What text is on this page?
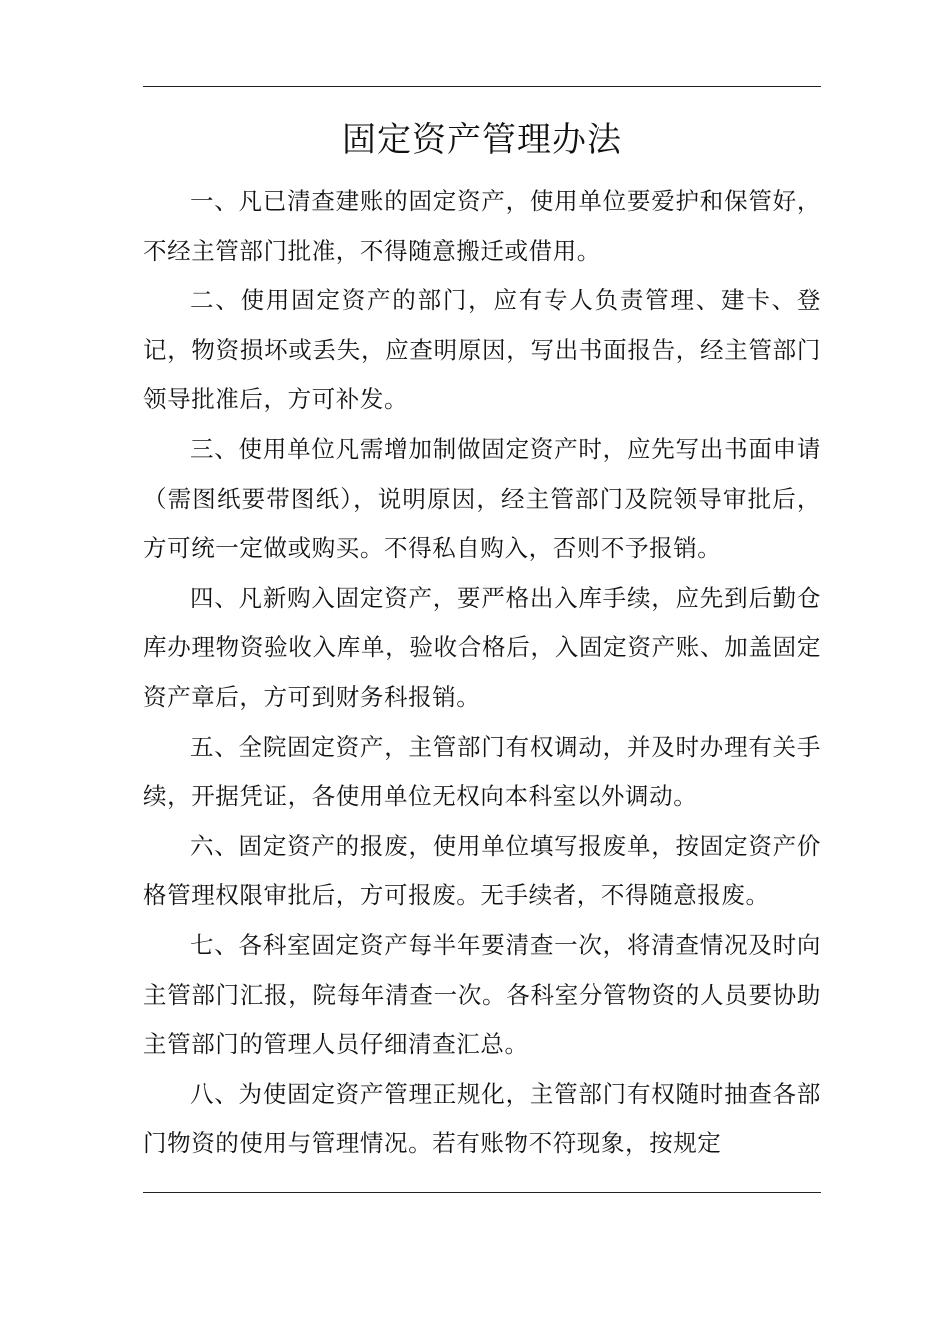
固定资产管理办法

一、凡已清查建账的固定资产，使用单位要爱护和保管好，不经主管部门批准，不得随意搬迁或借用。

二、使用固定资产的部门，应有专人负责管理、建卡、登记，物资损坏或丢失，应查明原因，写出书面报告，经主管部门领导批准后，方可补发。

三、使用单位凡需增加制做固定资产时，应先写出书面申请（需图纸要带图纸），说明原因，经主管部门及院领导审批后，方可统一定做或购买。不得私自购入，否则不予报销。

四、凡新购入固定资产，要严格出入库手续，应先到后勤仓库办理物资验收入库单，验收合格后，入固定资产账、加盖固定资产章后，方可到财务科报销。

五、全院固定资产，主管部门有权调动，并及时办理有关手续，开据凭证，各使用单位无权向本科室以外调动。

六、固定资产的报废，使用单位填写报废单，按固定资产价格管理权限审批后，方可报废。无手续者，不得随意报废。

七、各科室固定资产每半年要清查一次，将清查情况及时向主管部门汇报，院每年清查一次。各科室分管物资的人员要协助主管部门的管理人员仔细清查汇总。

八、为使固定资产管理正规化，主管部门有权随时抽查各部门物资的使用与管理情况。若有账物不符现象，按规定
